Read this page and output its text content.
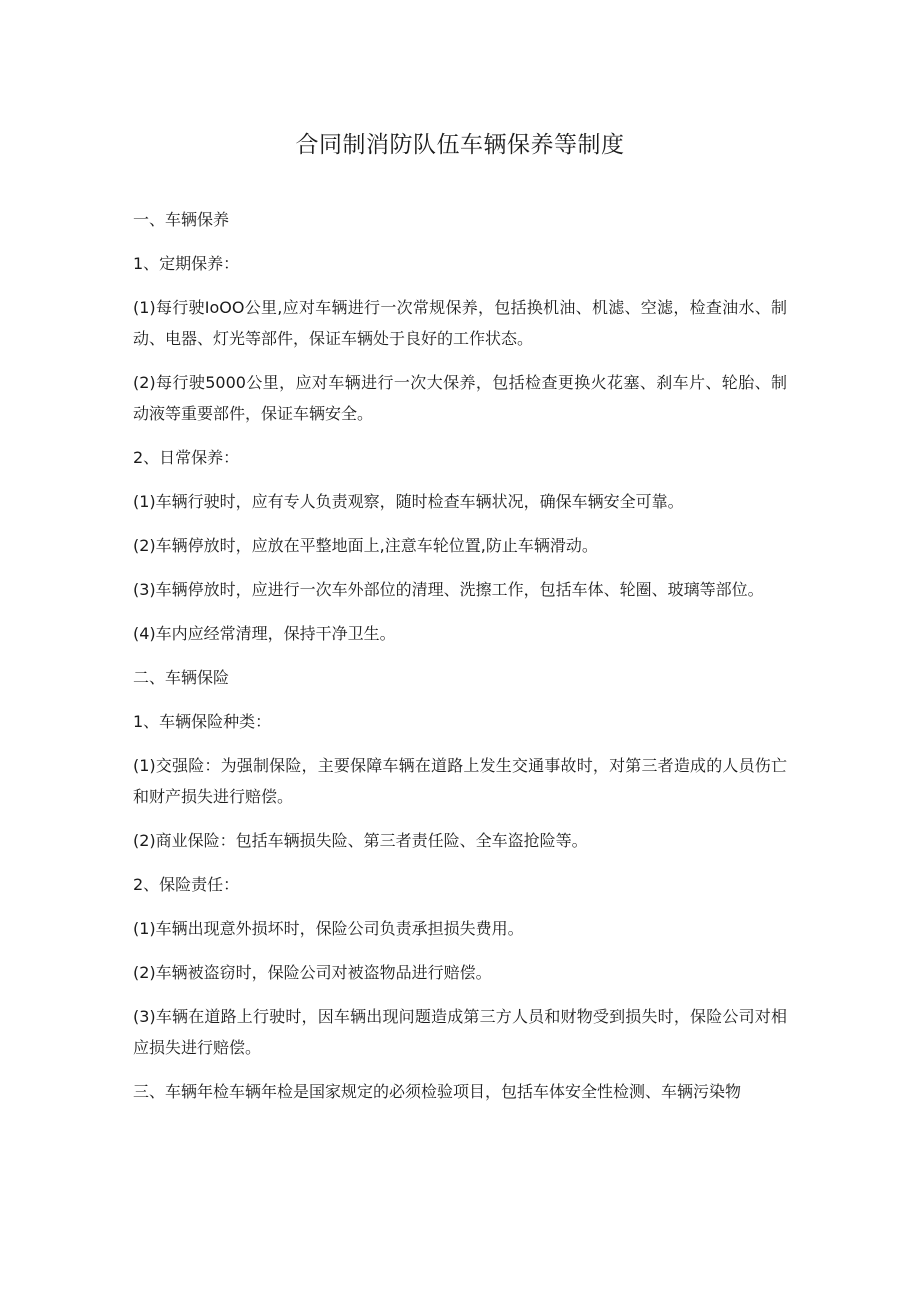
合同制消防队伍车辆保养等制度

一、车辆保养

1、定期保养：

(1)每行驶IoOO公里,应对车辆进行一次常规保养，包括换机油、机滤、空滤，检查油水、制动、电器、灯光等部件，保证车辆处于良好的工作状态。

(2)每行驶5000公里，应对车辆进行一次大保养，包括检查更换火花塞、刹车片、轮胎、制动液等重要部件，保证车辆安全。

2、日常保养：

(1)车辆行驶时，应有专人负责观察，随时检查车辆状况，确保车辆安全可靠。

(2)车辆停放时，应放在平整地面上,注意车轮位置,防止车辆滑动。

(3)车辆停放时，应进行一次车外部位的清理、洗擦工作，包括车体、轮圈、玻璃等部位。

(4)车内应经常清理，保持干净卫生。

二、车辆保险

1、车辆保险种类：

(1)交强险：为强制保险，主要保障车辆在道路上发生交通事故时，对第三者造成的人员伤亡和财产损失进行赔偿。

(2)商业保险：包括车辆损失险、第三者责任险、全车盗抢险等。

2、保险责任：

(1)车辆出现意外损坏时，保险公司负责承担损失费用。

(2)车辆被盗窃时，保险公司对被盗物品进行赔偿。

(3)车辆在道路上行驶时，因车辆出现问题造成第三方人员和财物受到损失时，保险公司对相应损失进行赔偿。

三、车辆年检车辆年检是国家规定的必须检验项目，包括车体安全性检测、车辆污染物
